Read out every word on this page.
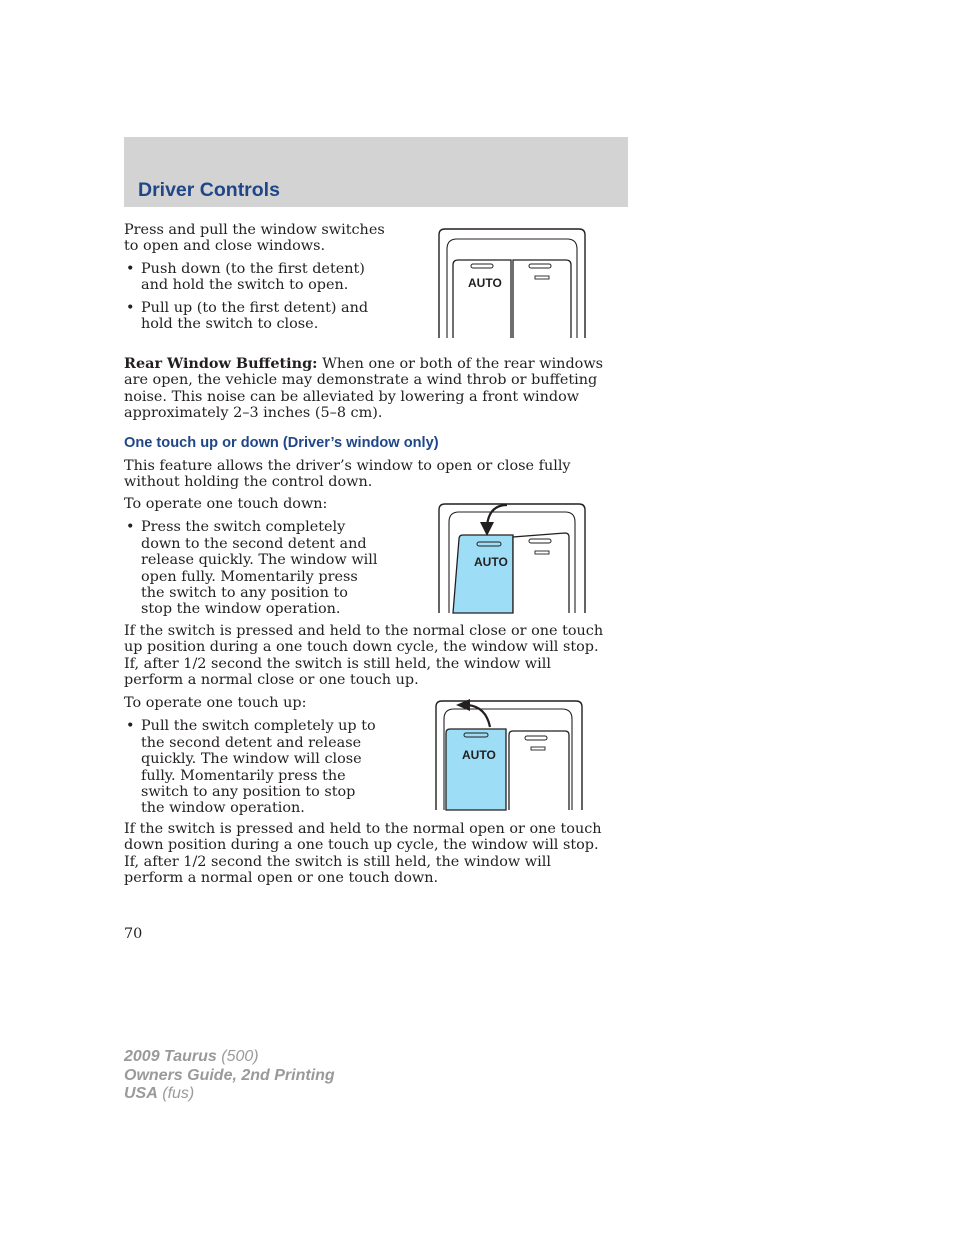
Driver Controls

Press and pull the window switches to open and close windows.

• Push down (to the first detent) and hold the switch to open.
• Pull up (to the first detent) and hold the switch to close.
AUTO

Rear Window Buffeting: When one or both of the rear windows are open, the vehicle may demonstrate a wind throb or buffeting noise. This noise can be alleviated by lowering a front window approximately 2–3 inches (5–8 cm).

One touch up or down (Driver’s window only)

This feature allows the driver’s window to open or close fully without holding the control down.

To operate one touch down:

• Press the switch completely down to the second detent and release quickly. The window will open fully. Momentarily press the switch to any position to stop the window operation.
AUTO

If the switch is pressed and held to the normal close or one touch up position during a one touch down cycle, the window will stop. If, after 1/2 second the switch is still held, the window will perform a normal close or one touch up.

To operate one touch up:

• Pull the switch completely up to the second detent and release quickly. The window will close fully. Momentarily press the switch to any position to stop the window operation.
AUTO

If the switch is pressed and held to the normal open or one touch down position during a one touch up cycle, the window will stop. If, after 1/2 second the switch is still held, the window will perform a normal open or one touch down.

70
2009 Taurus (500)
Owners Guide, 2nd Printing
USA (fus)
